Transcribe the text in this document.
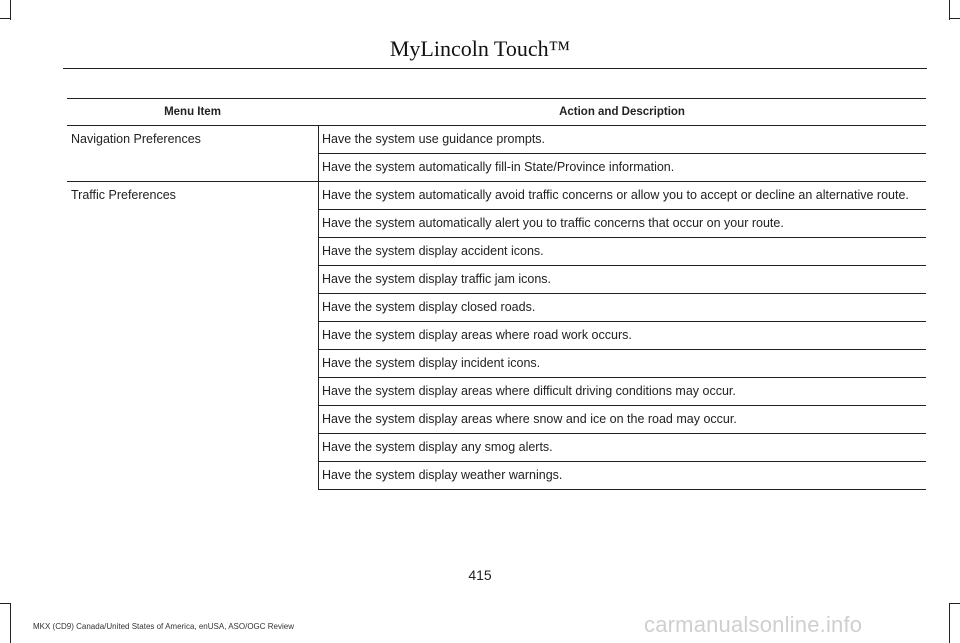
MyLincoln Touch™
Menu Item	Action and Description
Navigation Preferences	Have the system use guidance prompts.
Have the system automatically fill-in State/Province information.
Traffic Preferences	Have the system automatically avoid traffic concerns or allow you to accept or decline an alternative route.
Have the system automatically alert you to traffic concerns that occur on your route.
Have the system display accident icons.
Have the system display traffic jam icons.
Have the system display closed roads.
Have the system display areas where road work occurs.
Have the system display incident icons.
Have the system display areas where difficult driving conditions may occur.
Have the system display areas where snow and ice on the road may occur.
Have the system display any smog alerts.
Have the system display weather warnings.
415
MKX (CD9) Canada/United States of America, enUSA, ASO/OGC Review	carmanualsonline.info
